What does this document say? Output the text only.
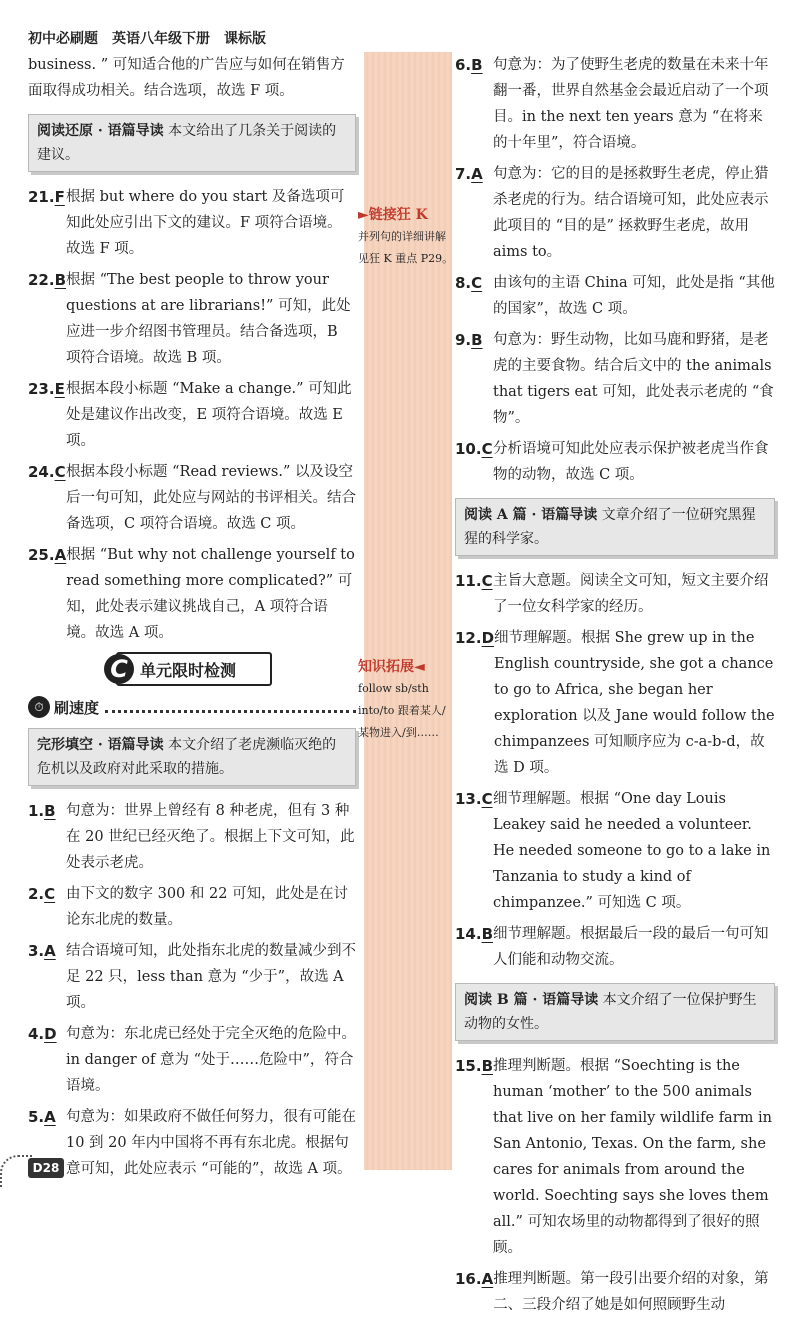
初中必刷题　英语八年级下册　课标版

business. ” 可知适合他的广告应与如何在销售方面取得成功相关。结合选项，故选 F 项。

阅读还原 · 语篇导读 本文给出了几条关于阅读的建议。
21.F 根据 but where do you start 及备选项可知此处应引出下文的建议。F 项符合语境。故选 F 项。
22.B 根据 “The best people to throw your questions at are librarians!” 可知，此处应进一步介绍图书管理员。结合备选项，B 项符合语境。故选 B 项。
23.E 根据本段小标题 “Make a change.” 可知此处是建议作出改变，E 项符合语境。故选 E 项。
24.C 根据本段小标题 “Read reviews.” 以及设空后一句可知，此处应与网站的书评相关。结合备选项，C 项符合语境。故选 C 项。
25.A 根据 “But why not challenge yourself to read something more complicated?” 可知，此处表示建议挑战自己，A 项符合语境。故选 A 项。
C 单元限时检测
⏱ 刷速度
完形填空 · 语篇导读 本文介绍了老虎濒临灭绝的危机以及政府对此采取的措施。
1.B 句意为：世界上曾经有 8 种老虎，但有 3 种在 20 世纪已经灭绝了。根据上下文可知，此处表示老虎。
2.C 由下文的数字 300 和 22 可知，此处是在讨论东北虎的数量。
3.A 结合语境可知，此处指东北虎的数量减少到不足 22 只，less than 意为 “少于”，故选 A 项。
4.D 句意为：东北虎已经处于完全灭绝的危险中。in danger of 意为 “处于……危险中”，符合语境。
5.A 句意为：如果政府不做任何努力，很有可能在 10 到 20 年内中国将不再有东北虎。根据句意可知，此处应表示 “可能的”，故选 A 项。
►链接狂 K
并列句的详细讲解见狂 K 重点 P29。
知识拓展◄
follow sb/sth into/to 跟着某人/某物进入/到……
6.B 句意为：为了使野生老虎的数量在未来十年翻一番，世界自然基金会最近启动了一个项目。in the next ten years 意为 “在将来的十年里”，符合语境。
7.A 句意为：它的目的是拯救野生老虎，停止猎杀老虎的行为。结合语境可知，此处应表示此项目的 “目的是” 拯救野生老虎，故用 aims to。
8.C 由该句的主语 China 可知，此处是指 “其他的国家”，故选 C 项。
9.B 句意为：野生动物，比如马鹿和野猪，是老虎的主要食物。结合后文中的 the animals that tigers eat 可知，此处表示老虎的 “食物”。
10.C 分析语境可知此处应表示保护被老虎当作食物的动物，故选 C 项。
阅读 A 篇 · 语篇导读 文章介绍了一位研究黑猩猩的科学家。
11.C 主旨大意题。阅读全文可知，短文主要介绍了一位女科学家的经历。
12.D 细节理解题。根据 She grew up in the English countryside, she got a chance to go to Africa, she began her exploration 以及 Jane would follow the chimpanzees 可知顺序应为 c-a-b-d，故选 D 项。
13.C 细节理解题。根据 “One day Louis Leakey said he needed a volunteer. He needed someone to go to a lake in Tanzania to study a kind of chimpanzee.” 可知选 C 项。
14.B 细节理解题。根据最后一段的最后一句可知人们能和动物交流。
阅读 B 篇 · 语篇导读 本文介绍了一位保护野生动物的女性。
15.B 推理判断题。根据 “Soechting is the human ‘mother’ to the 500 animals that live on her family wildlife farm in San Antonio, Texas. On the farm, she cares for animals from around the world. Soechting says she loves them all.” 可知农场里的动物都得到了很好的照顾。
16.A 推理判断题。第一段引出要介绍的对象，第二、三段介绍了她是如何照顾野生动
D28
